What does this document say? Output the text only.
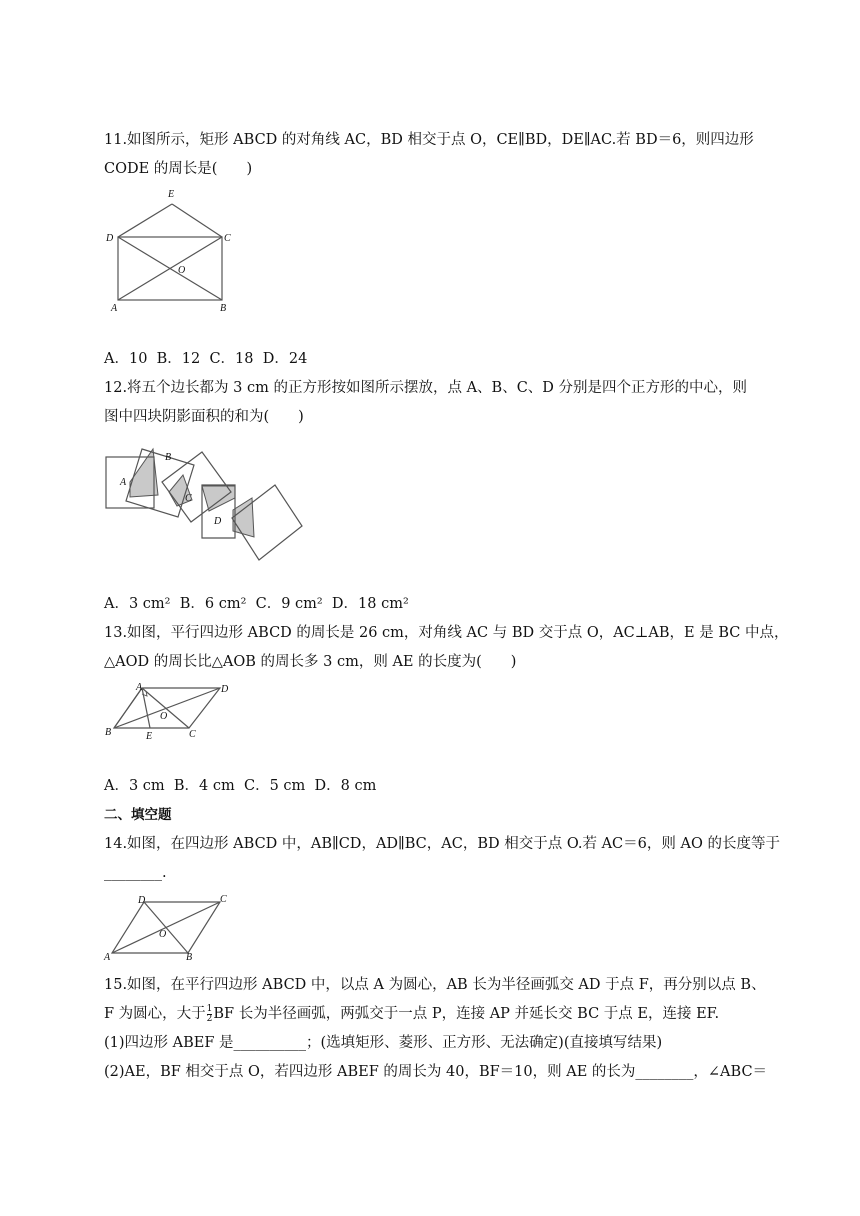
11.如图所示，矩形 ABCD 的对角线 AC，BD 相交于点 O，CE∥BD，DE∥AC.若 BD＝6，则四边形
CODE 的周长是(　　)
E
D	C
O
A	B
A．10  B．12  C．18  D．24
12.将五个边长都为 3 cm 的正方形按如图所示摆放，点 A、B、C、D 分别是四个正方形的中心，则
图中四块阴影面积的和为(　　)
A
B
C
D
A．3 cm²  B．6 cm²  C．9 cm²  D．18 cm²
13.如图，平行四边形 ABCD 的周长是 26 cm，对角线 AC 与 BD 交于点 O，AC⊥AB，E 是 BC 中点，
△AOD 的周长比△AOB 的周长多 3 cm，则 AE 的长度为(　　)
A	D
O
B	E	C
A．3 cm  B．4 cm  C．5 cm  D．8 cm
二、填空题
14.如图，在四边形 ABCD 中，AB∥CD，AD∥BC，AC，BD 相交于点 O.若 AC＝6，则 AO 的长度等于
________.
D	C
O
A	B
15.如图，在平行四边形 ABCD 中，以点 A 为圆心，AB 长为半径画弧交 AD 于点 F，再分别以点 B、
F 为圆心，大于 $\frac{1}{2}$ BF 长为半径画弧，两弧交于一点 P，连接 AP 并延长交 BC 于点 E，连接 EF.
(1)四边形 ABEF 是__________；(选填矩形、菱形、正方形、无法确定)(直接填写结果)
(2)AE，BF 相交于点 O，若四边形 ABEF 的周长为 40，BF＝10，则 AE 的长为________，∠ABC＝
